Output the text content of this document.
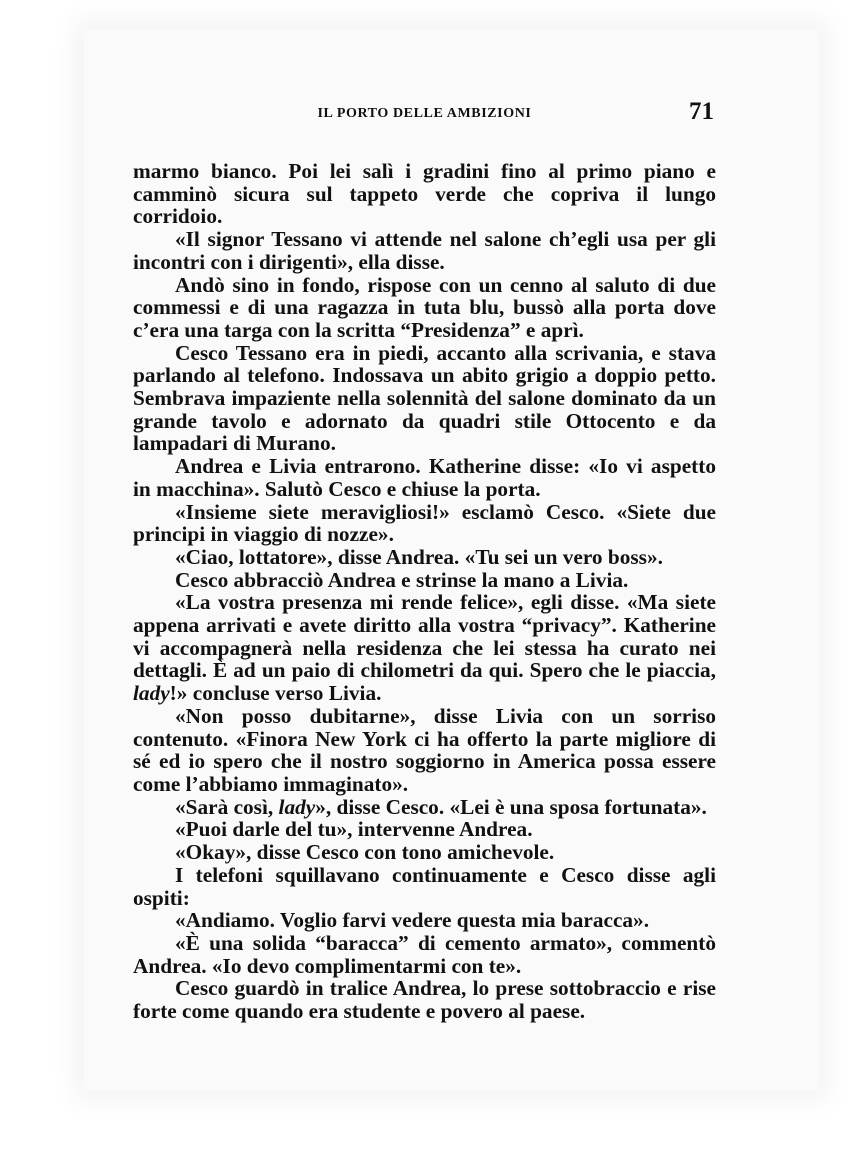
IL PORTO DELLE AMBIZIONI	71

marmo bianco. Poi lei salì i gradini fino al primo piano e camminò sicura sul tappeto verde che copriva il lungo corridoio.

«Il signor Tessano vi attende nel salone ch’egli usa per gli incontri con i dirigenti», ella disse.

Andò sino in fondo, rispose con un cenno al saluto di due commessi e di una ragazza in tuta blu, bussò alla porta dove c’era una targa con la scritta “Presidenza” e aprì.

Cesco Tessano era in piedi, accanto alla scrivania, e stava parlando al telefono. Indossava un abito grigio a doppio petto. Sembrava impaziente nella solennità del salone dominato da un grande tavolo e adornato da quadri stile Ottocento e da lampadari di Murano.

Andrea e Livia entrarono. Katherine disse: «Io vi aspetto in macchina». Salutò Cesco e chiuse la porta.

«Insieme siete meravigliosi!» esclamò Cesco. «Siete due principi in viaggio di nozze».

«Ciao, lottatore», disse Andrea. «Tu sei un vero boss».

Cesco abbracciò Andrea e strinse la mano a Livia.

«La vostra presenza mi rende felice», egli disse. «Ma siete appena arrivati e avete diritto alla vostra “privacy”. Katherine vi accompagnerà nella residenza che lei stessa ha curato nei dettagli. È ad un paio di chilometri da qui. Spero che le piaccia, lady!» concluse verso Livia.

«Non posso dubitarne», disse Livia con un sorriso contenuto. «Finora New York ci ha offerto la parte migliore di sé ed io spero che il nostro soggiorno in America possa essere come l’abbiamo immaginato».

«Sarà così, lady», disse Cesco. «Lei è una sposa fortunata».

«Puoi darle del tu», intervenne Andrea.

«Okay», disse Cesco con tono amichevole.

I telefoni squillavano continuamente e Cesco disse agli ospiti:

«Andiamo. Voglio farvi vedere questa mia baracca».

«È una solida “baracca” di cemento armato», commentò Andrea. «Io devo complimentarmi con te».

Cesco guardò in tralice Andrea, lo prese sottobraccio e rise forte come quando era studente e povero al paese.
